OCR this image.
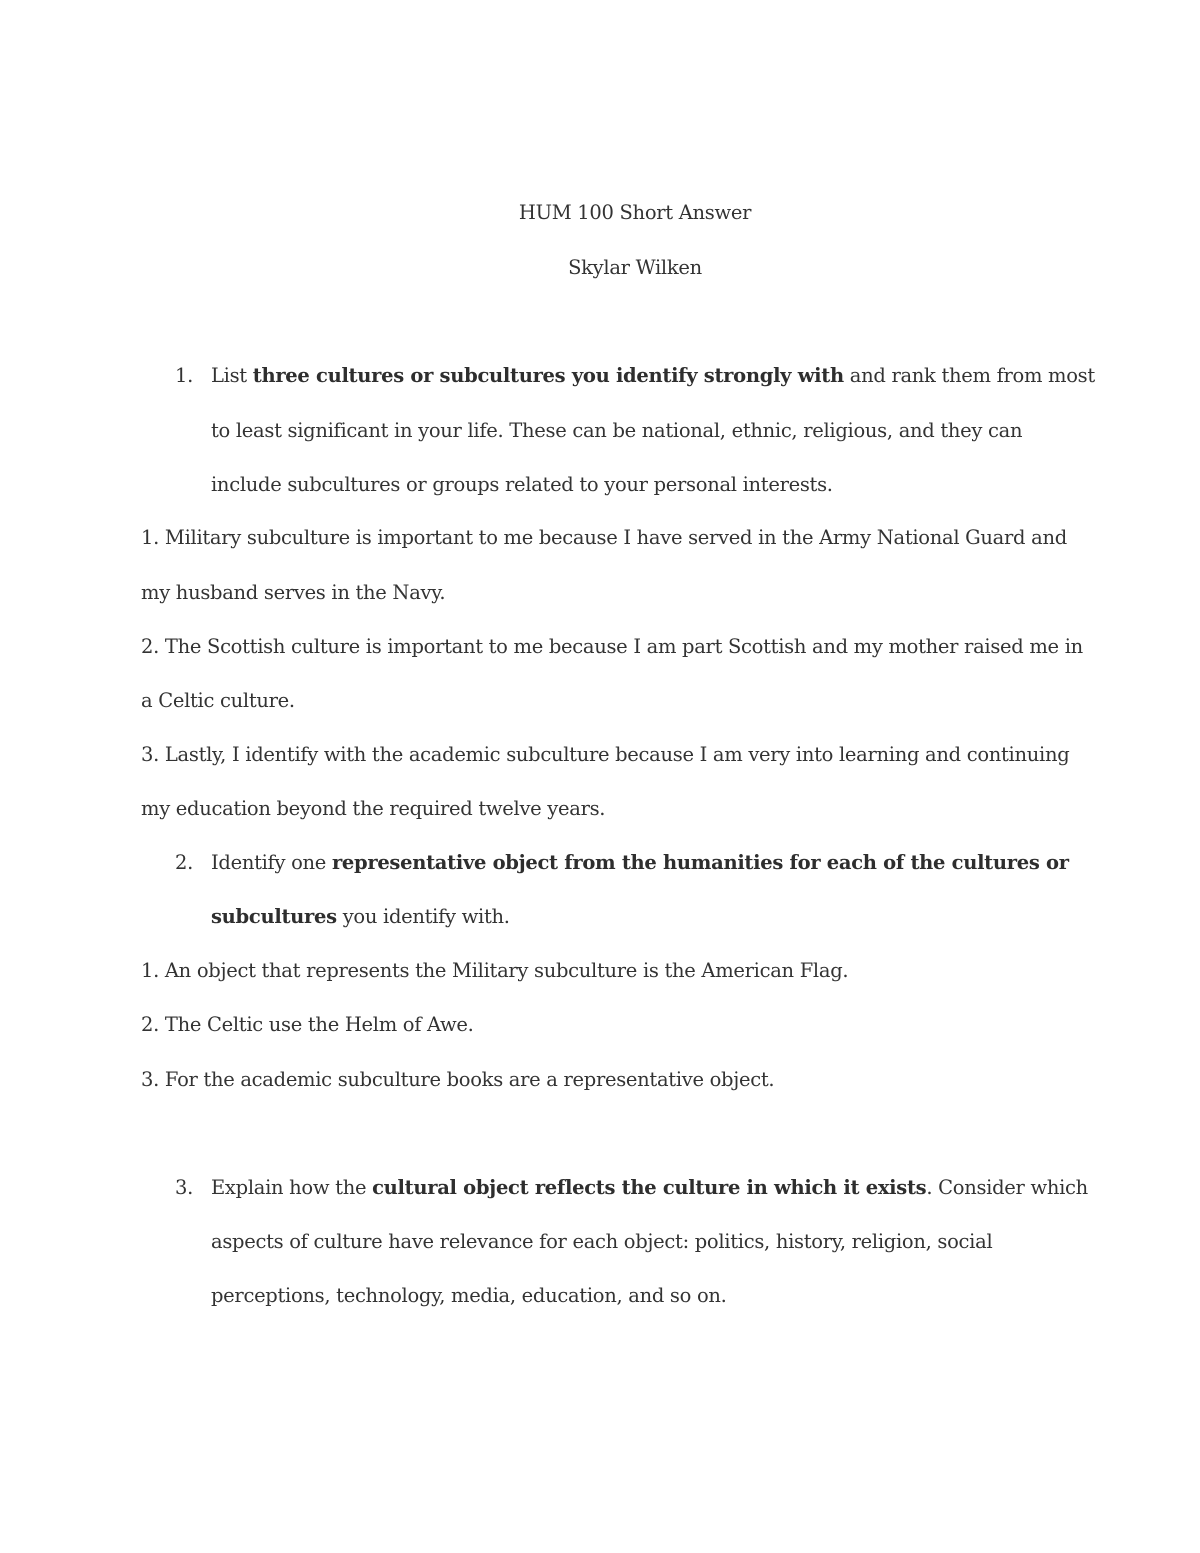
HUM 100 Short Answer
Skylar Wilken
1. List three cultures or subcultures you identify strongly with and rank them from most
to least significant in your life. These can be national, ethnic, religious, and they can
include subcultures or groups related to your personal interests.
1. Military subculture is important to me because I have served in the Army National Guard and
my husband serves in the Navy.
2. The Scottish culture is important to me because I am part Scottish and my mother raised me in
a Celtic culture.
3. Lastly, I identify with the academic subculture because I am very into learning and continuing
my education beyond the required twelve years.
2. Identify one representative object from the humanities for each of the cultures or
subcultures you identify with.
1. An object that represents the Military subculture is the American Flag.
2. The Celtic use the Helm of Awe.
3. For the academic subculture books are a representative object.
3. Explain how the cultural object reflects the culture in which it exists. Consider which
aspects of culture have relevance for each object: politics, history, religion, social
perceptions, technology, media, education, and so on.
